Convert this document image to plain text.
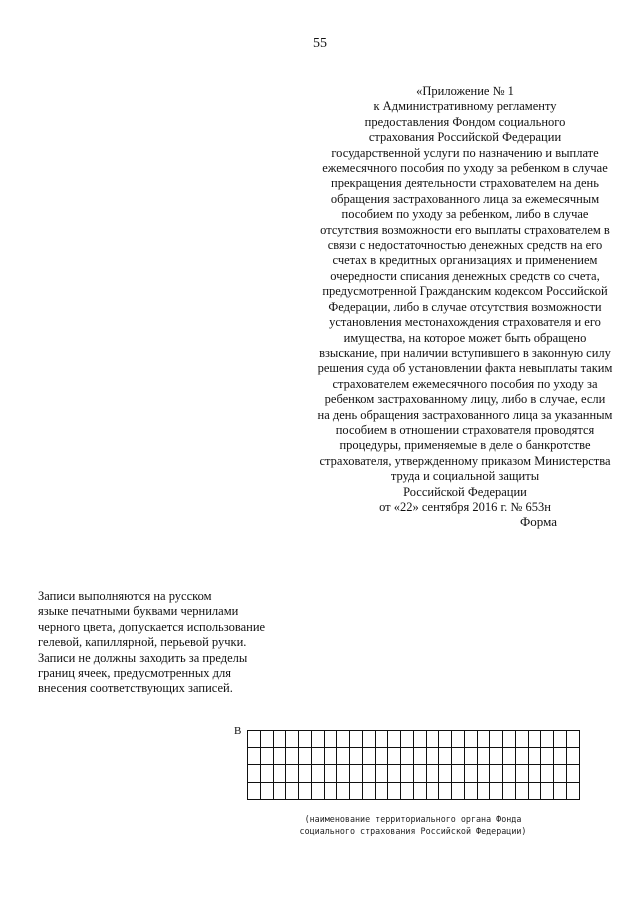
55
«Приложение № 1
к Административному регламенту
предоставления Фондом социального
страхования Российской Федерации
государственной услуги по назначению и выплате
ежемесячного пособия по уходу за ребенком в случае
прекращения деятельности страхователем на день
обращения застрахованного лица за ежемесячным
пособием по уходу за ребенком, либо в случае
отсутствия возможности его выплаты страхователем в
связи с недостаточностью денежных средств на его
счетах в кредитных организациях и применением
очередности списания денежных средств со счета,
предусмотренной Гражданским кодексом Российской
Федерации, либо в случае отсутствия возможности
установления местонахождения страхователя и его
имущества, на которое может быть обращено
взыскание, при наличии вступившего в законную силу
решения суда об установлении факта невыплаты таким
страхователем ежемесячного пособия по уходу за
ребенком застрахованному лицу, либо в случае, если
на день обращения застрахованного лица за указанным
пособием в отношении страхователя проводятся
процедуры, применяемые в деле о банкротстве
страхователя, утвержденному приказом Министерства
труда и социальной защиты
Российской Федерации
от «22» сентября 2016 г. № 653н
Форма
Записи выполняются на русском
языке печатными буквами чернилами
черного цвета, допускается использование
гелевой, капиллярной, перьевой ручки.
Записи не должны заходить за пределы
границ ячеек, предусмотренных для
внесения соответствующих записей.
В

(наименование территориального органа Фонда
социального страхования Российской Федерации)
